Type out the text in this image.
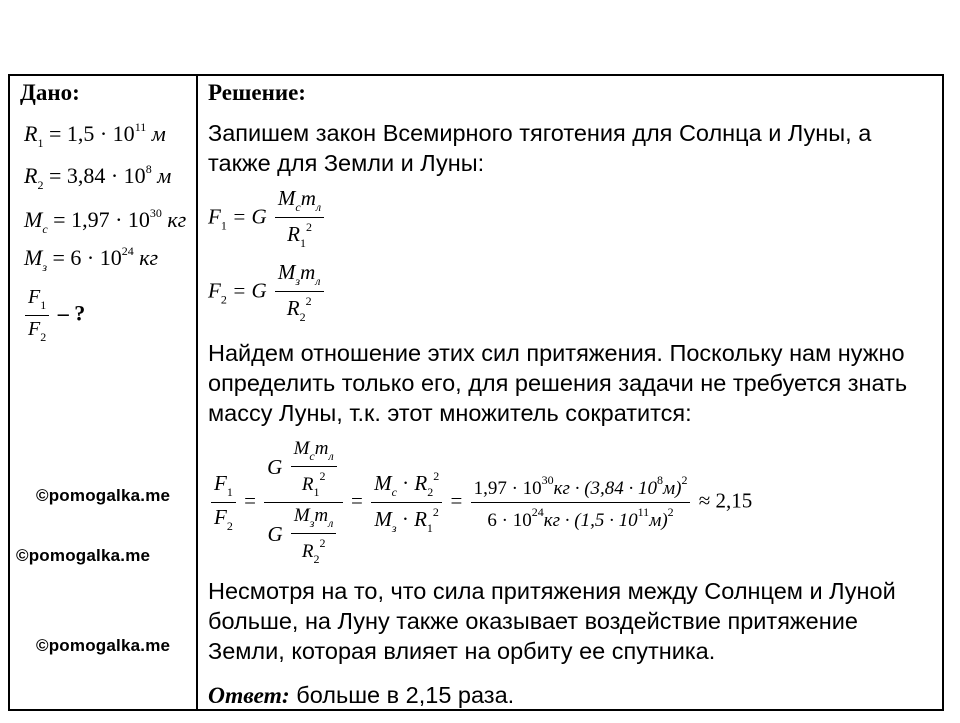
Дано:
$R_1 = 1,5 \cdot 10^{11}$ м
$R_2 = 3,84 \cdot 10^8$ м
$M_c = 1,97 \cdot 10^{30}$ кг
$M_з = 6 \cdot 10^{24}$ кг
$\frac{F_1}{F_2}$ – ?
Решение:
Запишем закон Всемирного тяготения для Солнца и Луны, а также для Земли и Луны:
$F_1 = G \frac{M_cm_л}{R_1^2}$
$F_2 = G \frac{M_зm_л}{R_2^2}$
Найдем отношение этих сил притяжения. Поскольку нам нужно определить только его, для решения задачи не требуется знать массу Луны, т.к. этот множитель сократится:
$\frac{F_1}{F_2} = \frac{G \frac{M_cm_л}{R_1^2}}{G \frac{M_зm_л}{R_2^2}} = \frac{M_c \cdot R_2^2}{M_з \cdot R_1^2} = \frac{1,97 \cdot 10^{30}кг \cdot (3,84 \cdot 10^8м)^2}{6 \cdot 10^{24}кг \cdot (1,5 \cdot 10^{11}м)^2} \approx 2,15$
Несмотря на то, что сила притяжения между Солнцем и Луной больше, на Луну также оказывает воздействие притяжение Земли, которая влияет на орбиту ее спутника.
Ответ: больше в 2,15 раза.
©pomogalka.me
©pomogalka.me
©pomogalka.me
